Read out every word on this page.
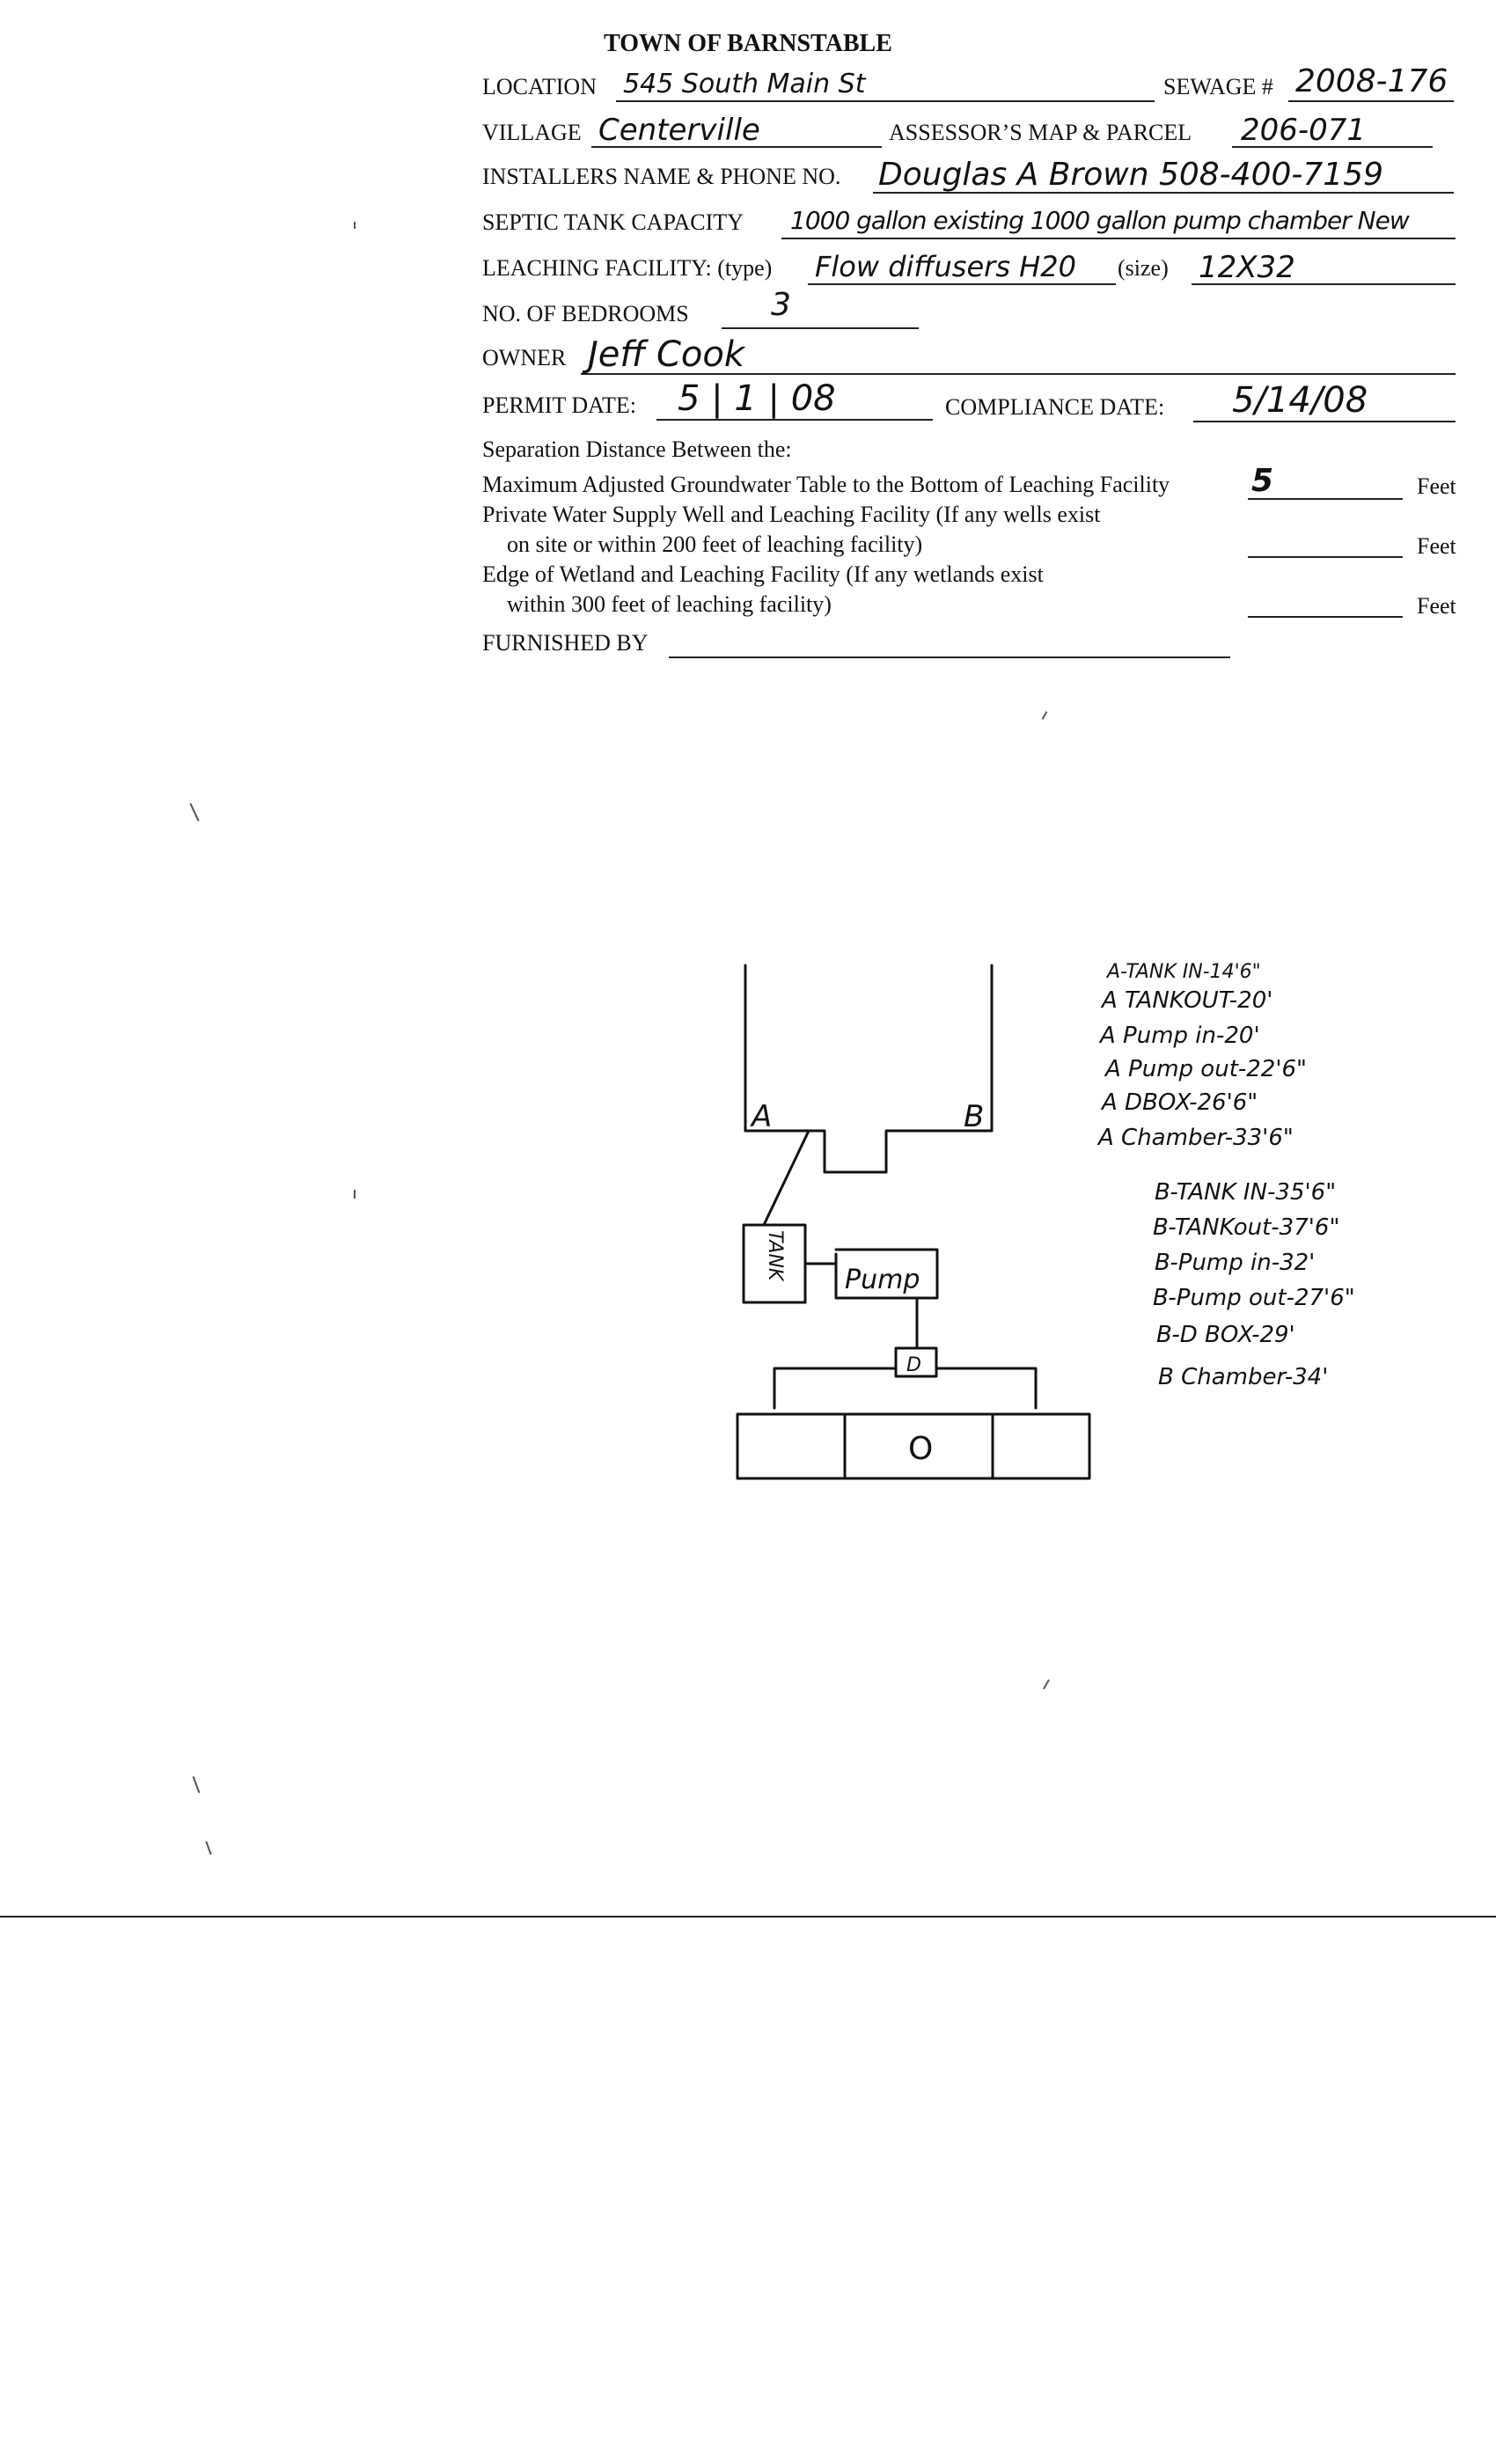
TOWN OF BARNSTABLE
LOCATION 545 South Main St	SEWAGE # 2008-176
VILLAGE Centerville	ASSESSOR’S MAP & PARCEL 206-071
INSTALLERS NAME & PHONE NO. Douglas A Brown 508-400-7159
SEPTIC TANK CAPACITY 1000 gallon existing 1000 gallon pump chamber New
LEACHING FACILITY: (type) Flow diffusers H20 (size) 12X32
NO. OF BEDROOMS	3
OWNER Jeff Cook
PERMIT DATE: 5 | 1 | 08	COMPLIANCE DATE: 5/14/08
Separation Distance Between the:
Maximum Adjusted Groundwater Table to the Bottom of Leaching Facility	5	Feet
Private Water Supply Well and Leaching Facility (If any wells exist
on site or within 200 feet of leaching facility)	Feet
Edge of Wetland and Leaching Facility (If any wetlands exist
within 300 feet of leaching facility)	Feet
FURNISHED BY
A	B
TANK Pump
D
O
A-TANK IN-14'6"
A TANKOUT-20'
A Pump in-20'
A Pump out-22'6"
A DBOX-26'6"
A Chamber-33'6"
B-TANK IN-35'6"
B-TANKout-37'6"
B-Pump in-32'
B-Pump out-27'6"
B-D BOX-29'
B Chamber-34'
